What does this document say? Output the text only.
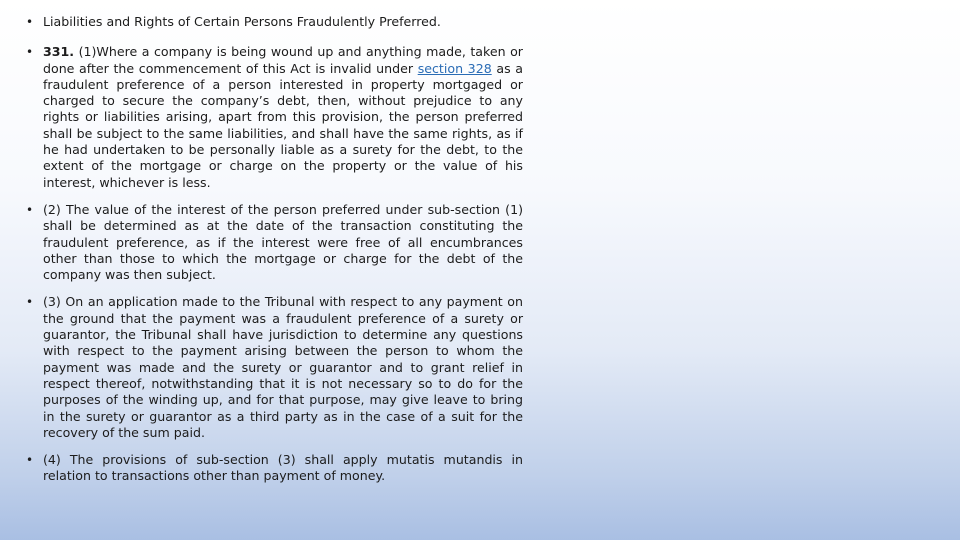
• Liabilities and Rights of Certain Persons Fraudulently Preferred.
• 331. (1)Where a company is being wound up and anything made, taken or done after the commencement of this Act is invalid under section 328 as a fraudulent preference of a person interested in property mortgaged or charged to secure the company’s debt, then, without prejudice to any rights or liabilities arising, apart from this provision, the person preferred shall be subject to the same liabilities, and shall have the same rights, as if he had undertaken to be personally liable as a surety for the debt, to the extent of the mortgage or charge on the property or the value of his interest, whichever is less.
• (2) The value of the interest of the person preferred under sub-section (1) shall be determined as at the date of the transaction constituting the fraudulent preference, as if the interest were free of all encumbrances other than those to which the mortgage or charge for the debt of the company was then subject.
• (3) On an application made to the Tribunal with respect to any payment on the ground that the payment was a fraudulent preference of a surety or guarantor, the Tribunal shall have jurisdiction to determine any questions with respect to the payment arising between the person to whom the payment was made and the surety or guarantor and to grant relief in respect thereof, notwithstanding that it is not necessary so to do for the purposes of the winding up, and for that purpose, may give leave to bring in the surety or guarantor as a third party as in the case of a suit for the recovery of the sum paid.
• (4) The provisions of sub-section (3) shall apply mutatis mutandis in relation to transactions other than payment of money.
